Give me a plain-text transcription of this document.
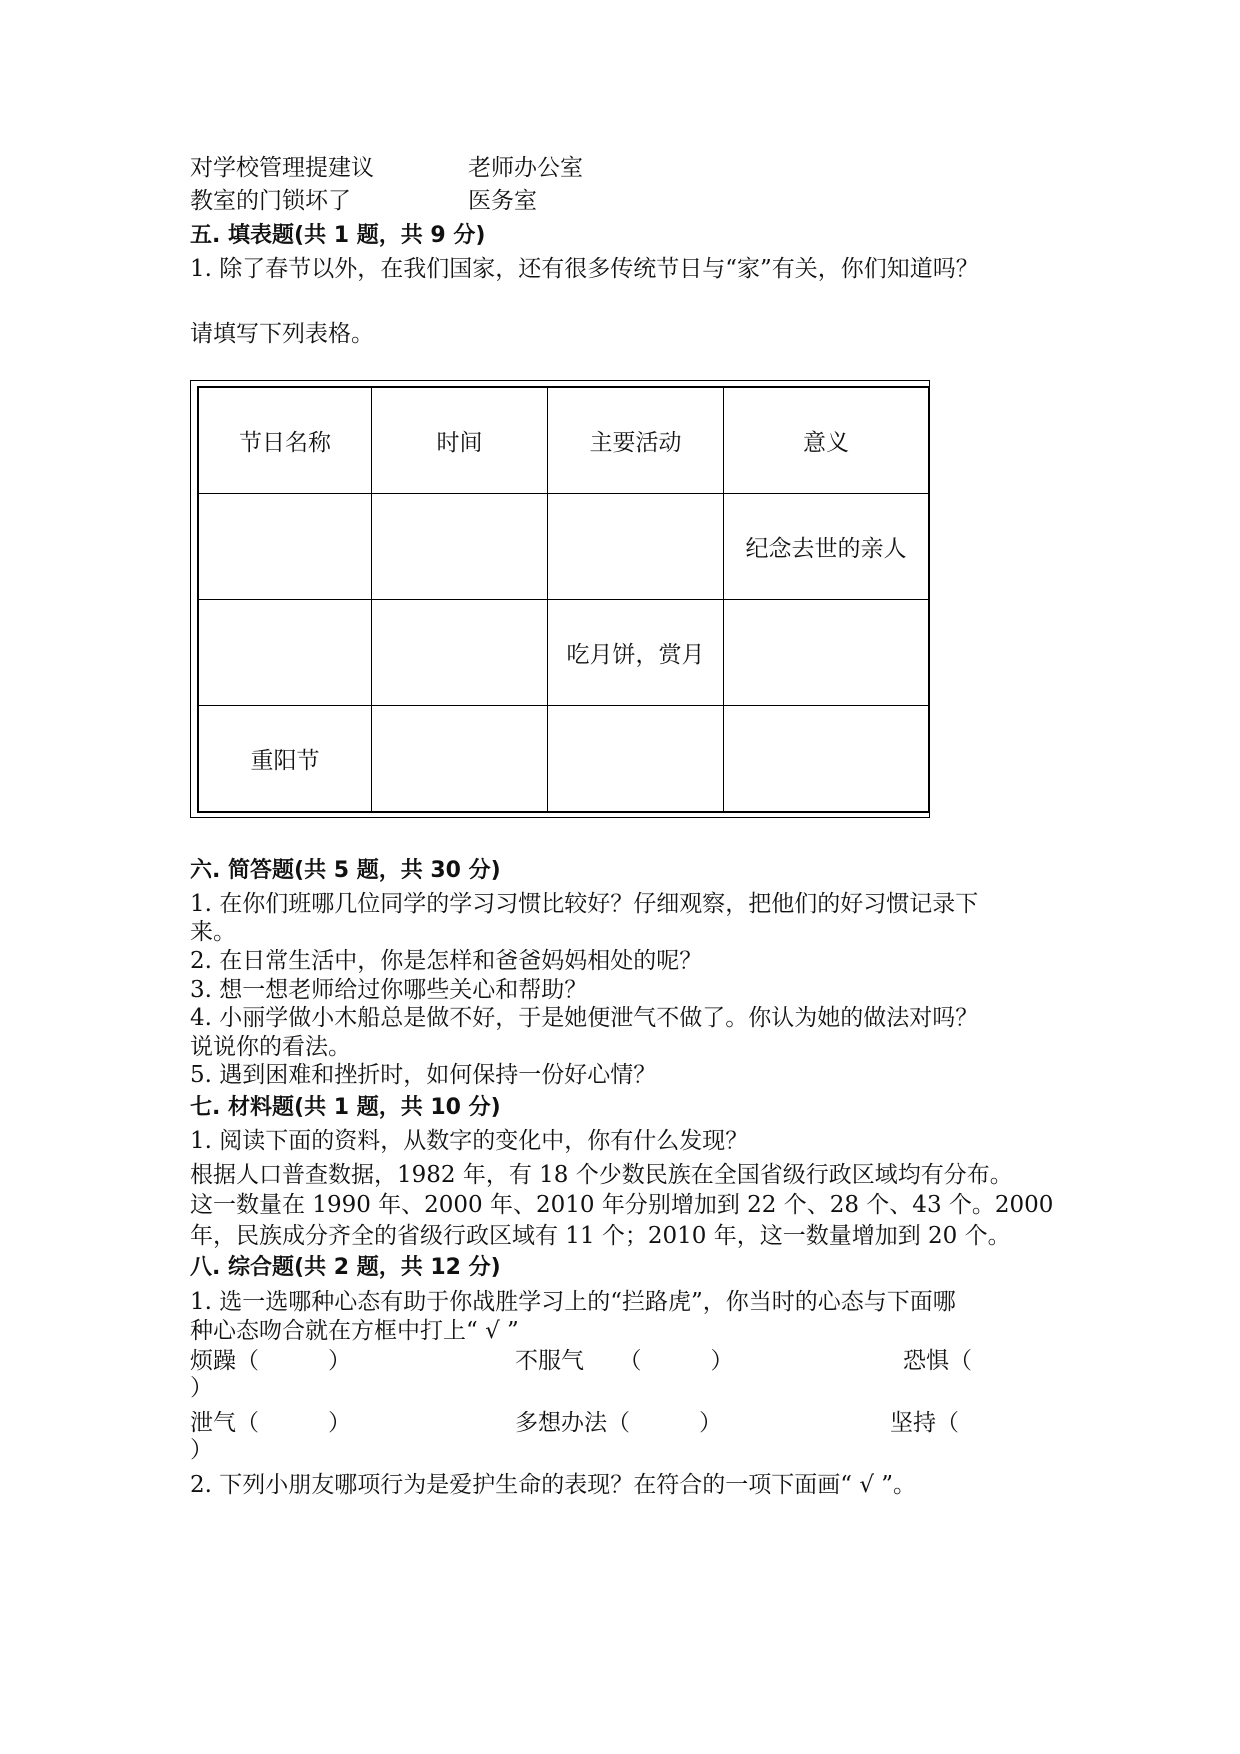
对学校管理提建议	老师办公室

教室的门锁坏了	医务室

五. 填表题(共 1 题，共 9 分)

1. 除了春节以外，在我们国家，还有很多传统节日与“家”有关，你们知道吗？

请填写下列表格。

节日名称	时间	主要活动	意义
			纪念去世的亲人
		吃月饼，赏月	
重阳节			

六. 简答题(共 5 题，共 30 分)

1. 在你们班哪几位同学的学习习惯比较好？仔细观察，把他们的好习惯记录下

来。

2. 在日常生活中，你是怎样和爸爸妈妈相处的呢？

3. 想一想老师给过你哪些关心和帮助？

4. 小丽学做小木船总是做不好，于是她便泄气不做了。你认为她的做法对吗？

说说你的看法。

5. 遇到困难和挫折时，如何保持一份好心情？

七. 材料题(共 1 题，共 10 分)

1. 阅读下面的资料，从数字的变化中，你有什么发现？

根据人口普查数据，1982 年，有 18 个少数民族在全国省级行政区域均有分布。

这一数量在 1990 年、2000 年、2010 年分别增加到 22 个、28 个、43 个。2000

年，民族成分齐全的省级行政区域有 11 个；2010 年，这一数量增加到 20 个。

八. 综合题(共 2 题，共 12 分)

1. 选一选哪种心态有助于你战胜学习上的“拦路虎”，你当时的心态与下面哪

种心态吻合就在方框中打上“ √ ”

烦躁（　　　）	不服气　　（　　　）	恐惧（

）

泄气（　　　）	多想办法（　　　）	坚持（

）

2. 下列小朋友哪项行为是爱护生命的表现？在符合的一项下面画“ √ ”。
